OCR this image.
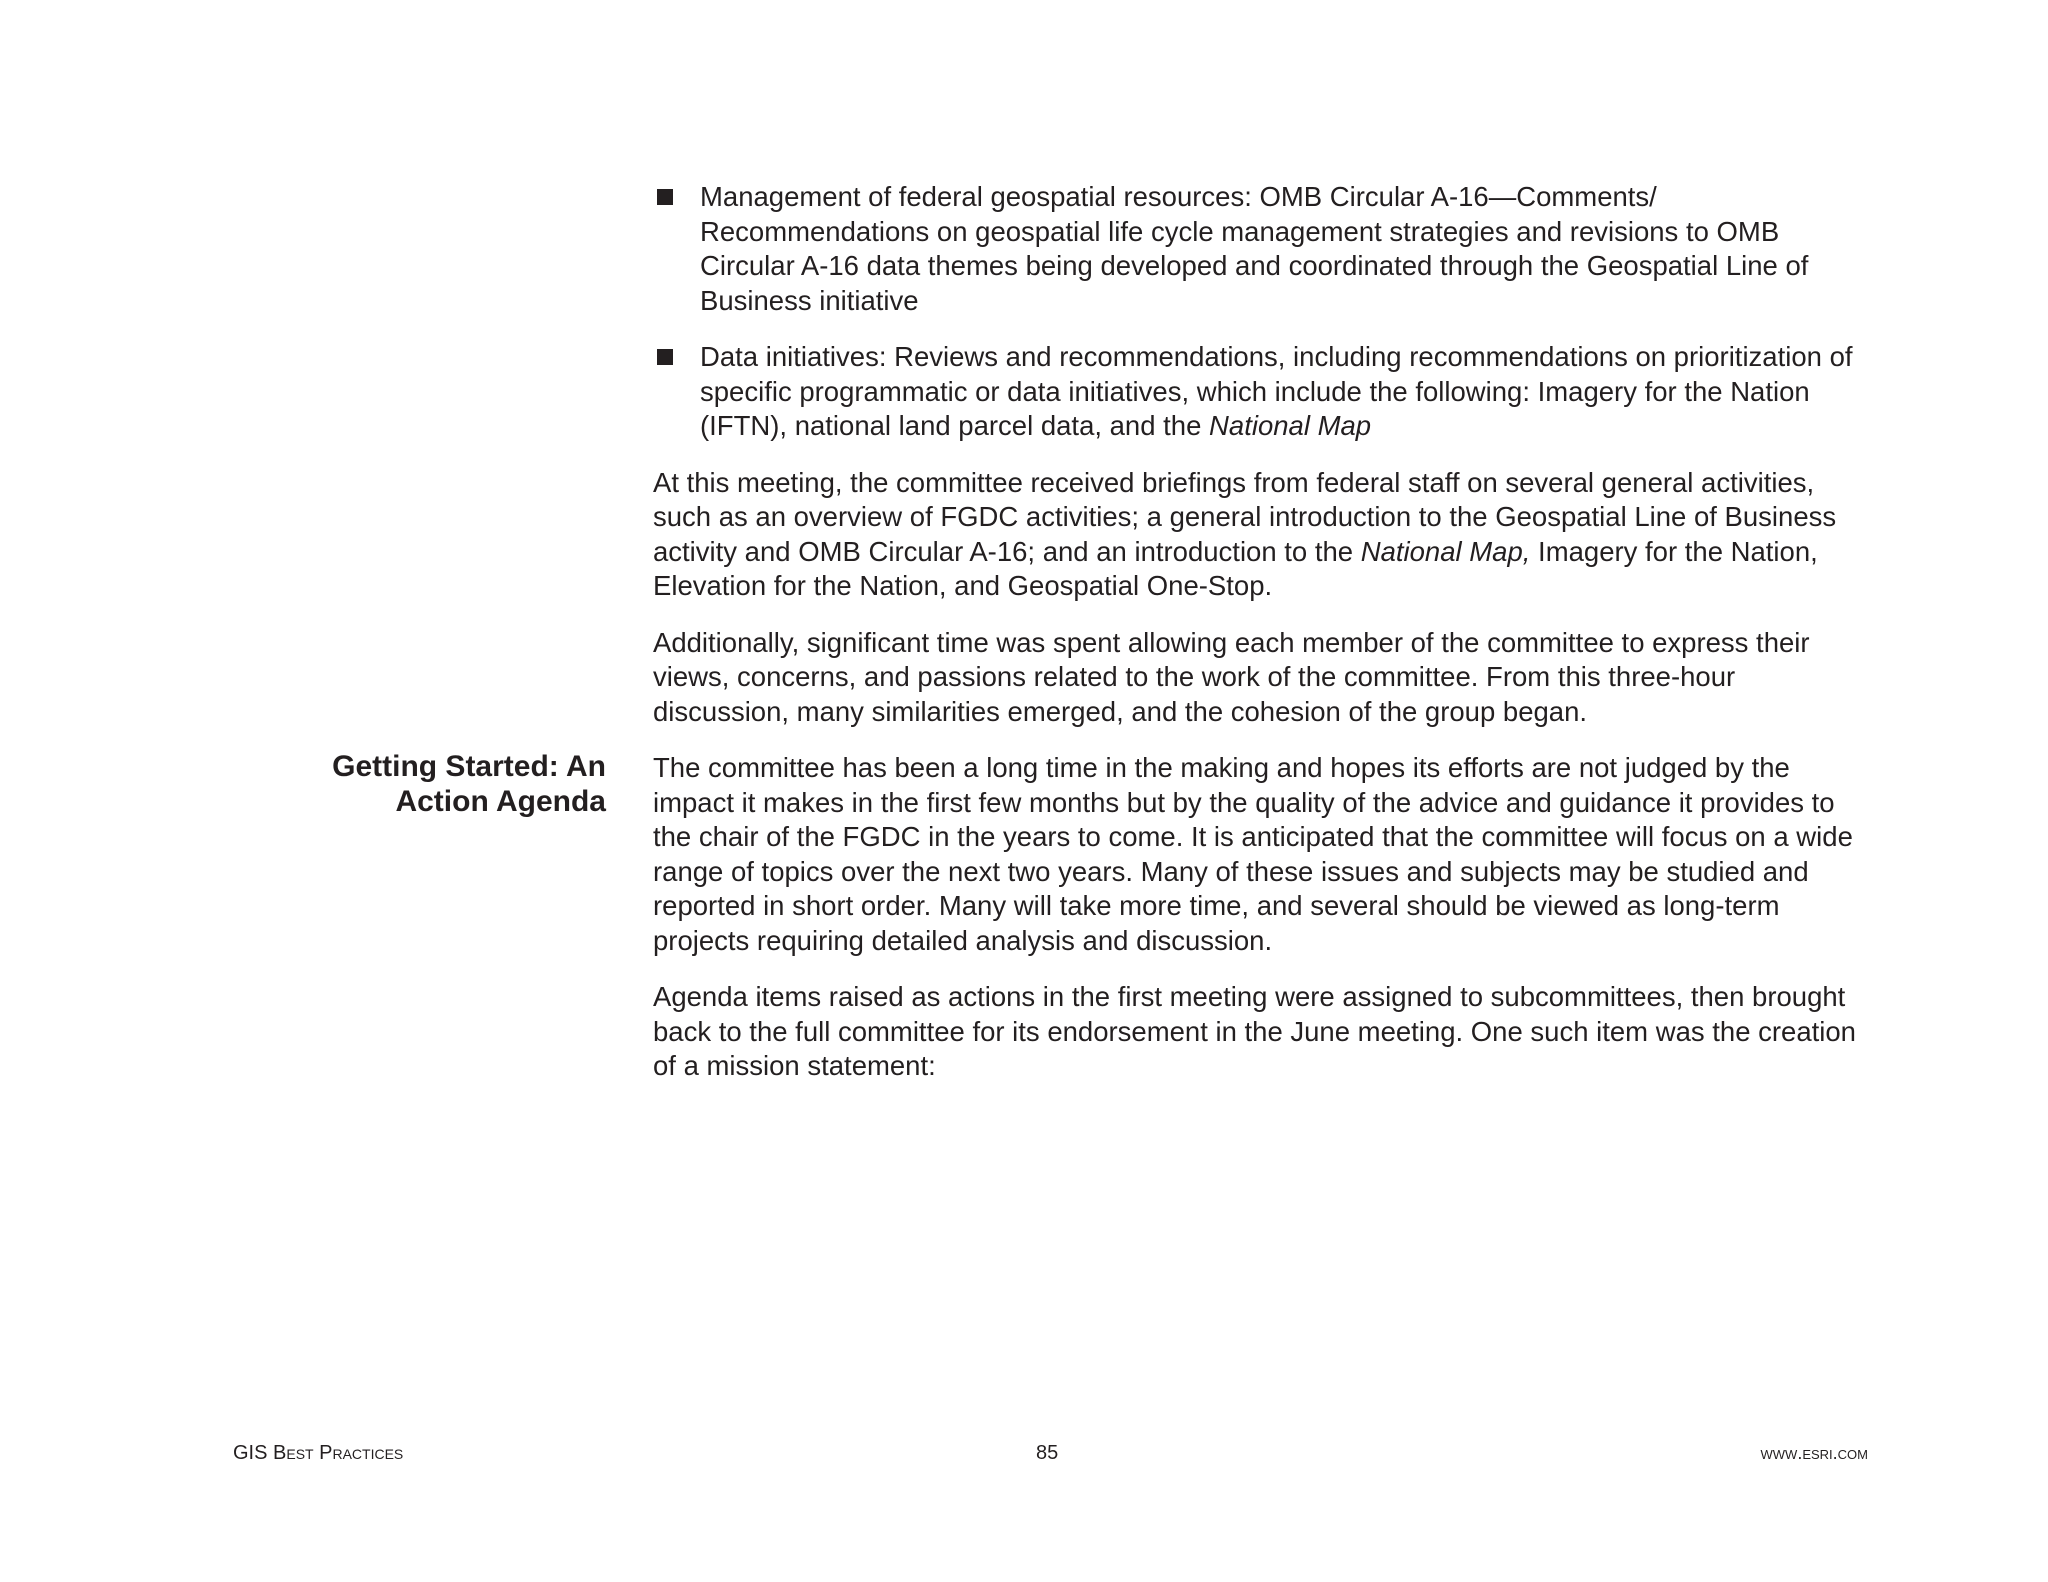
Management of federal geospatial resources: OMB Circular A-16—Comments/ Recommendations on geospatial life cycle management strategies and revisions to OMB Circular A-16 data themes being developed and coordinated through the Geospatial Line of Business initiative
Data initiatives: Reviews and recommendations, including recommendations on prioritization of specific programmatic or data initiatives, which include the following: Imagery for the Nation (IFTN), national land parcel data, and the National Map

At this meeting, the committee received briefings from federal staff on several general activities, such as an overview of FGDC activities; a general introduction to the Geospatial Line of Business activity and OMB Circular A-16; and an introduction to the National Map, Imagery for the Nation, Elevation for the Nation, and Geospatial One-Stop.

Additionally, significant time was spent allowing each member of the committee to express their views, concerns, and passions related to the work of the committee. From this three-hour discussion, many similarities emerged, and the cohesion of the group began.

The committee has been a long time in the making and hopes its efforts are not judged by the impact it makes in the first few months but by the quality of the advice and guidance it provides to the chair of the FGDC in the years to come. It is anticipated that the committee will focus on a wide range of topics over the next two years. Many of these issues and subjects may be studied and reported in short order. Many will take more time, and several should be viewed as long-term projects requiring detailed analysis and discussion.

Agenda items raised as actions in the first meeting were assigned to subcommittees, then brought back to the full committee for its endorsement in the June meeting. One such item was the creation of a mission statement:

Getting Started: An Action Agenda
GIS Best Practices	85	www.esri.com
